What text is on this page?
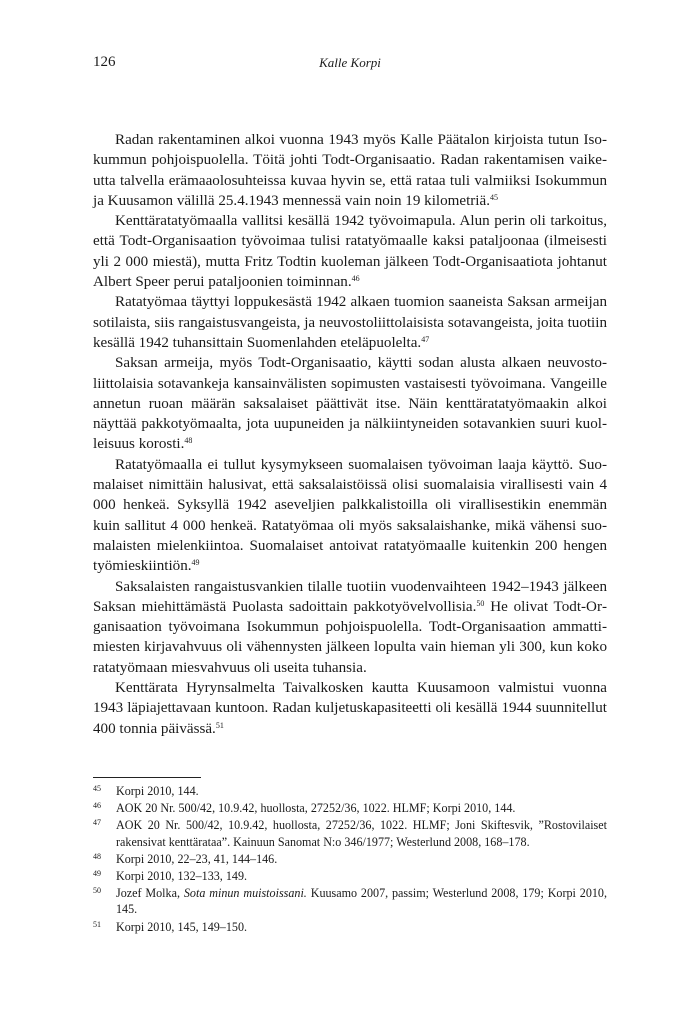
126	Kalle Korpi

Radan rakentaminen alkoi vuonna 1943 myös Kalle Päätalon kirjoista tutun Isokummun pohjoispuolella. Töitä johti Todt-Organisaatio. Radan rakentamisen vaikeutta talvella erämaaolosuhteissa kuvaa hyvin se, että rataa tuli valmiiksi Isokummun ja Kuusamon välillä 25.4.1943 mennessä vain noin 19 kilometriä.$^{45}$

Kenttäratatyömaalla vallitsi kesällä 1942 työvoimapula. Alun perin oli tarkoitus, että Todt-Organisaation työvoimaa tulisi ratatyömaalle kaksi pataljoonaa (ilmeisesti yli 2 000 miestä), mutta Fritz Todtin kuoleman jälkeen Todt-Organisaatiota johtanut Albert Speer perui pataljoonien toiminnan.$^{46}$

Ratatyömaa täyttyi loppukesästä 1942 alkaen tuomion saaneista Saksan armeijan sotilaista, siis rangaistusvangeista, ja neuvostoliittolaisista sotavangeista, joita tuotiin kesällä 1942 tuhansittain Suomenlahden eteläpuolelta.$^{47}$

Saksan armeija, myös Todt-Organisaatio, käytti sodan alusta alkaen neuvostoliittolaisia sotavankeja kansainvälisten sopimusten vastaisesti työvoimana. Vangeille annetun ruoan määrän saksalaiset päättivät itse. Näin kenttäratatyömaakin alkoi näyttää pakkotyömaalta, jota uupuneiden ja nälkiintyneiden sotavankien suuri kuolleisuus korosti.$^{48}$

Ratatyömaalla ei tullut kysymykseen suomalaisen työvoiman laaja käyttö. Suomalaiset nimittäin halusivat, että saksalaistöissä olisi suomalaisia virallisesti vain 4 000 henkeä. Syksyllä 1942 aseveljien palkkalistoilla oli virallisestikin enemmän kuin sallitut 4 000 henkeä. Ratatyömaa oli myös saksalaishanke, mikä vähensi suomalaisten mielenkiintoa. Suomalaiset antoivat ratatyömaalle kuitenkin 200 hengen työmieskiintiön.$^{49}$

Saksalaisten rangaistusvankien tilalle tuotiin vuodenvaihteen 1942–1943 jälkeen Saksan miehittämästä Puolasta sadoittain pakkotyövelvollisia.$^{50}$ He olivat Todt-Organisaation työvoimana Isokummun pohjoispuolella. Todt-Organisaation ammattimiesten kirjavahvuus oli vähennysten jälkeen lopulta vain hieman yli 300, kun koko ratatyömaan miesvahvuus oli useita tuhansia.

Kenttärata Hyrynsalmelta Taivalkosken kautta Kuusamoon valmistui vuonna 1943 läpiajettavaan kuntoon. Radan kuljetuskapasiteetti oli kesällä 1944 suunnitellut 400 tonnia päivässä.$^{51}$

45	Korpi 2010, 144.
46	AOK 20 Nr. 500/42, 10.9.42, huollosta, 27252/36, 1022. HLMF; Korpi 2010, 144.
47	AOK 20 Nr. 500/42, 10.9.42, huollosta, 27252/36, 1022. HLMF; Joni Skiftesvik, ”Rostovilaiset rakensivat kenttärataa”. Kainuun Sanomat N:o 346/1977; Westerlund 2008, 168–178.
48	Korpi 2010, 22–23, 41, 144–146.
49	Korpi 2010, 132–133, 149.
50	Jozef Molka, Sota minun muistoissani. Kuusamo 2007, passim; Westerlund 2008, 179; Korpi 2010, 145.
51	Korpi 2010, 145, 149–150.
